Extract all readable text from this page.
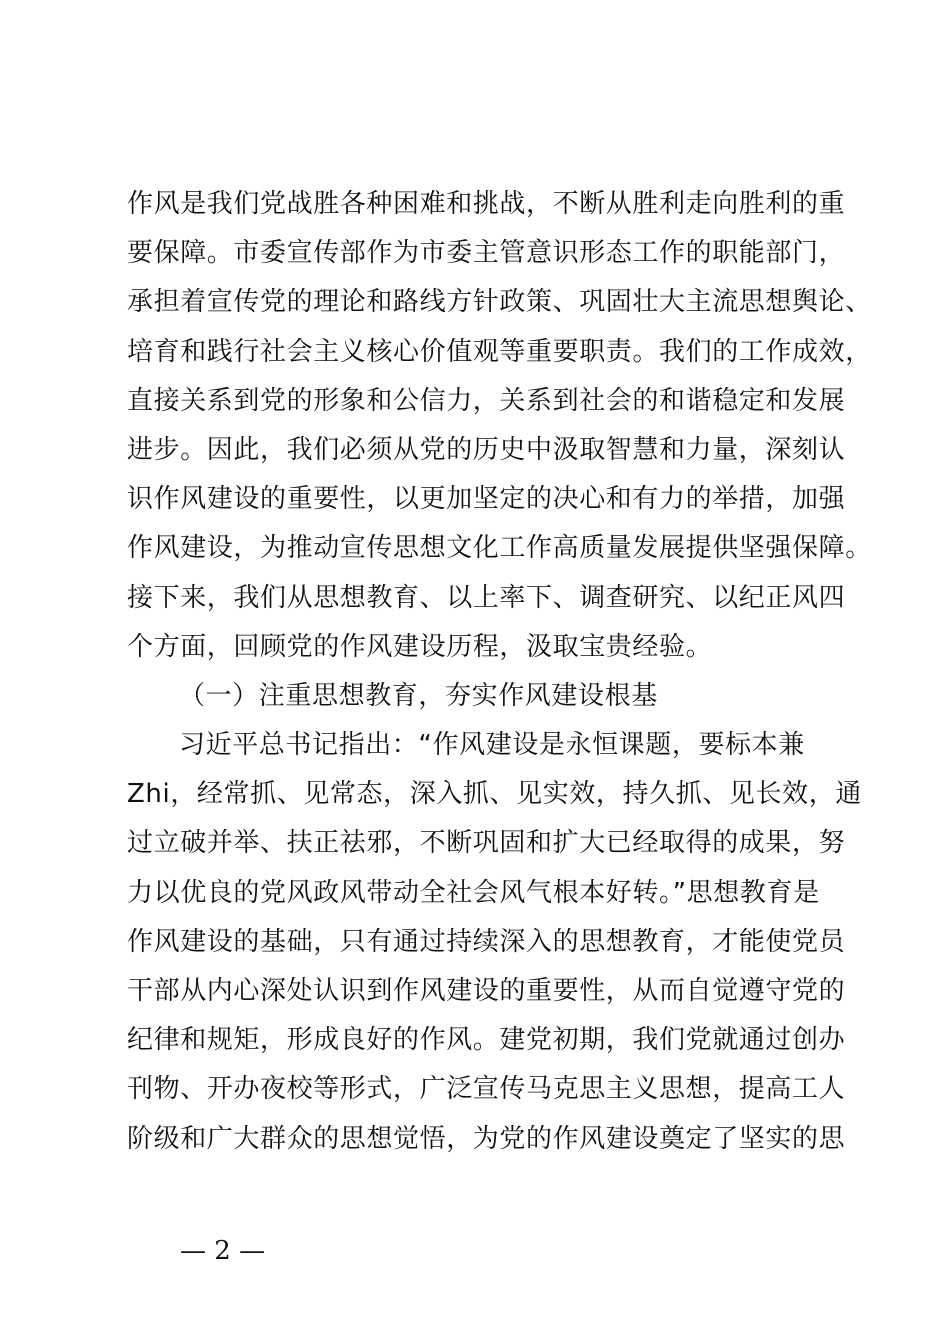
作风是我们党战胜各种困难和挑战，不断从胜利走向胜利的重
要保障。市委宣传部作为市委主管意识形态工作的职能部门，
承担着宣传党的理论和路线方针政策、巩固壮大主流思想舆论、
培育和践行社会主义核心价值观等重要职责。我们的工作成效，
直接关系到党的形象和公信力，关系到社会的和谐稳定和发展
进步。因此，我们必须从党的历史中汲取智慧和力量，深刻认
识作风建设的重要性，以更加坚定的决心和有力的举措，加强
作风建设，为推动宣传思想文化工作高质量发展提供坚强保障。
接下来，我们从思想教育、以上率下、调查研究、以纪正风四
个方面，回顾党的作风建设历程，汲取宝贵经验。
（一）注重思想教育，夯实作风建设根基
习近平总书记指出：“作风建设是永恒课题，要标本兼
Zhi，经常抓、见常态，深入抓、见实效，持久抓、见长效，通
过立破并举、扶正祛邪，不断巩固和扩大已经取得的成果，努
力以优良的党风政风带动全社会风气根本好转。”思想教育是
作风建设的基础，只有通过持续深入的思想教育，才能使党员
干部从内心深处认识到作风建设的重要性，从而自觉遵守党的
纪律和规矩，形成良好的作风。建党初期，我们党就通过创办
刊物、开办夜校等形式，广泛宣传马克思主义思想，提高工人
阶级和广大群众的思想觉悟，为党的作风建设奠定了坚实的思
— 2 —
